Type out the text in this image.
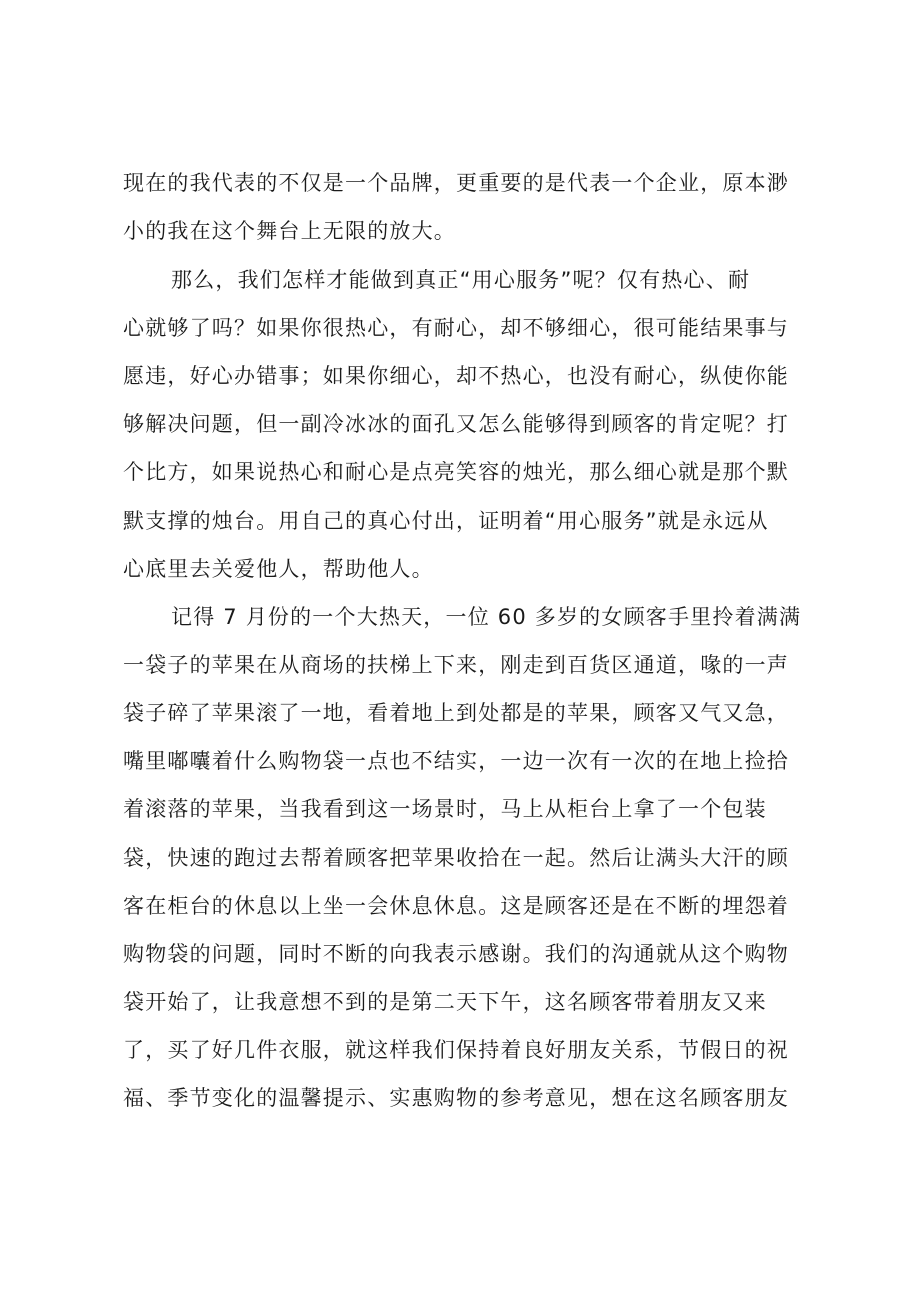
现在的我代表的不仅是一个品牌，更重要的是代表一个企业，原本渺
小的我在这个舞台上无限的放大。
那么，我们怎样才能做到真正“用心服务”呢？仅有热心、耐
心就够了吗？如果你很热心，有耐心，却不够细心，很可能结果事与
愿违，好心办错事；如果你细心，却不热心，也没有耐心，纵使你能
够解决问题，但一副冷冰冰的面孔又怎么能够得到顾客的肯定呢？打
个比方，如果说热心和耐心是点亮笑容的烛光，那么细心就是那个默
默支撑的烛台。用自己的真心付出，证明着“用心服务”就是永远从
心底里去关爱他人，帮助他人。
记得 7 月份的一个大热天，一位 60 多岁的女顾客手里拎着满满
一袋子的苹果在从商场的扶梯上下来，刚走到百货区通道，喙的一声
袋子碎了苹果滚了一地，看着地上到处都是的苹果，顾客又气又急，
嘴里嘟囔着什么购物袋一点也不结实，一边一次有一次的在地上捡拾
着滚落的苹果，当我看到这一场景时，马上从柜台上拿了一个包装
袋，快速的跑过去帮着顾客把苹果收拾在一起。然后让满头大汗的顾
客在柜台的休息以上坐一会休息休息。这是顾客还是在不断的埋怨着
购物袋的问题，同时不断的向我表示感谢。我们的沟通就从这个购物
袋开始了，让我意想不到的是第二天下午，这名顾客带着朋友又来
了，买了好几件衣服，就这样我们保持着良好朋友关系，节假日的祝
福、季节变化的温馨提示、实惠购物的参考意见，想在这名顾客朋友
